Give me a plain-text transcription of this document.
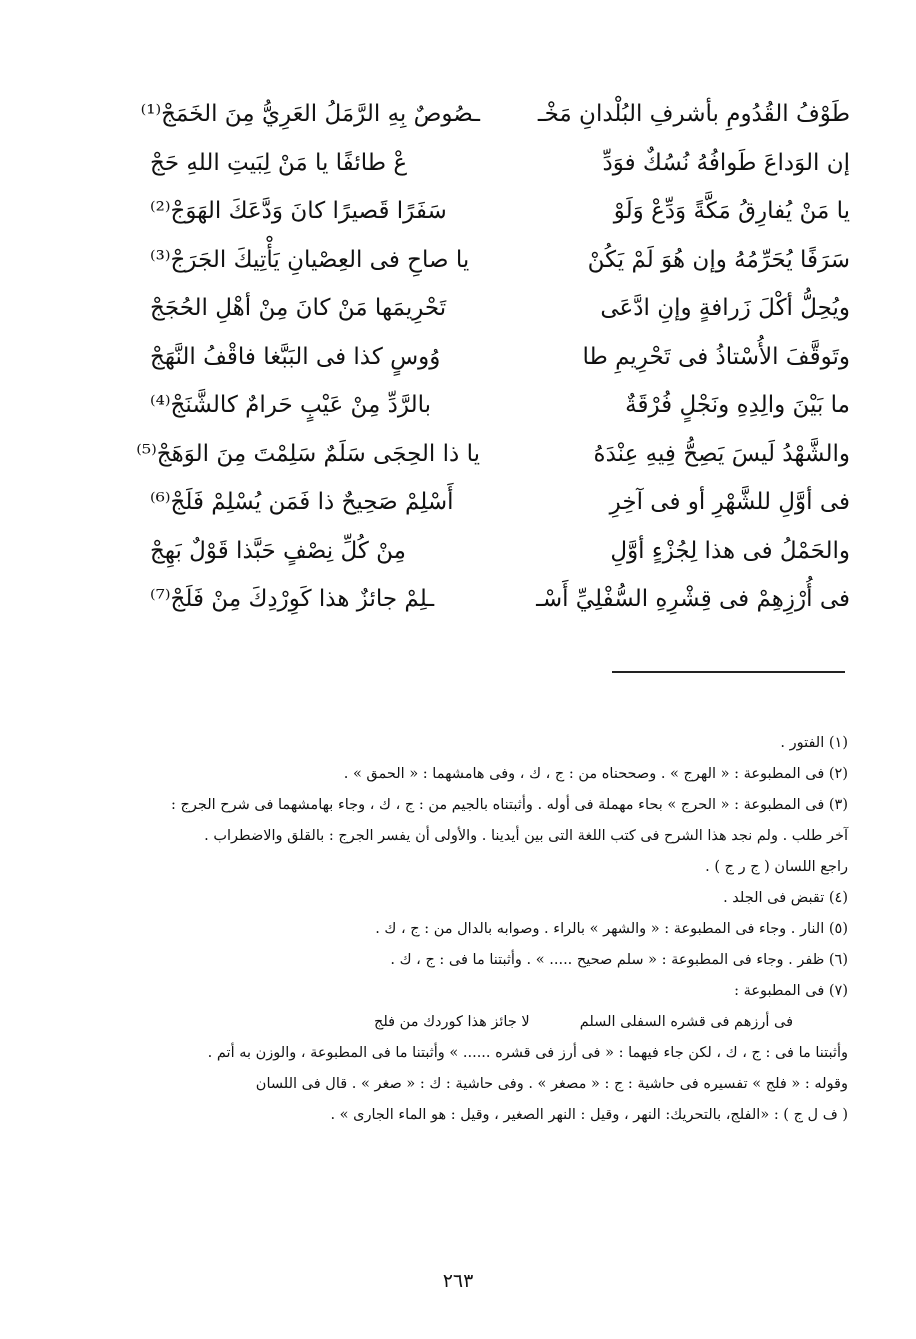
طَوْفُ القُدُومِ بأشرفِ البُلْدانِ مَخْـ
ـصُوصٌ بِهِ الرَّمَلُ العَرِيُّ مِنَ الخَمَجْ⁽¹⁾
إن الوَداعَ طَوافُهُ نُسُكٌ فوَدِّ
عْ طائفًا يا مَنْ لِبَيتِ اللهِ حَجْ
يا مَنْ يُفارِقُ مَكَّةً وَدِّعْ وَلَوْ
سَفَرًا قَصيرًا كانَ وَدَّعَكَ الهَوَجْ⁽²⁾
سَرَفًا يُحَرِّمُهُ وإن هُوَ لَمْ يَكُنْ
يا صاحِ فى العِصْيانِ يَأْتِيكَ الجَرَجْ⁽³⁾
ويُحِلُّ أكْلَ زَرافةٍ وإنِ ادَّعَى
تَحْرِيمَها مَنْ كانَ مِنْ أهْلِ الحُجَجْ
وتَوقَّفَ الأُسْتاذُ فى تَحْرِيمِ طا
وُوسٍ كذا فى البَبَّغا فاقْفُ النَّهَجْ
ما بَيْنَ والِدِهِ ونَجْلٍ فُرْقَةٌ
بالرَّدِّ مِنْ عَيْبٍ حَرامٌ كالشَّنَجْ⁽⁴⁾
والشَّهْدُ لَيسَ يَصِحُّ فِيهِ عِنْدَهُ
يا ذا الحِجَى سَلَمٌ سَلِمْتَ مِنَ الوَهَجْ⁽⁵⁾
فى أوَّلِ للشَّهْرِ أو فى آخِرِ
أَسْلِمْ صَحِيحٌ ذا فَمَن يُسْلِمْ فَلَجْ⁽⁶⁾
والحَمْلُ فى هذا لِجُزْءٍ أوَّلِ
مِنْ كُلِّ نِصْفٍ حَبَّذا قَوْلٌ بَهِجْ
فى أُرْزِهِمْ فى قِشْرِهِ السُّفْلِيِّ أَسْـ
ـلِمْ جائزٌ هذا كَوِرْدِكَ مِنْ فَلَجْ⁽⁷⁾
(١) الفتور .
(٢) فى المطبوعة : « الهرج » . وصححناه من : ج ، ك ، وفى هامشهما : « الحمق » .
(٣) فى المطبوعة : « الحرج » بحاء مهملة فى أوله . وأثبتناه بالجيم من : ج ، ك ، وجاء بهامشهما فى شرح الجرج :
آخر طلب . ولم نجد هذا الشرح فى كتب اللغة التى بين أيدينا . والأولى أن يفسر الجرج : بالقلق والاضطراب .
راجع اللسان ( ج ر ج ) .
(٤) تقبض فى الجلد .
(٥) النار . وجاء فى المطبوعة : « والشهر » بالراء . وصوابه بالدال من : ج ، ك .
(٦) ظفر . وجاء فى المطبوعة : « سلم صحيح ..... » . وأثبتنا ما فى : ج ، ك .
(٧) فى المطبوعة :
فى أرزهم فى قشره السفلى السلملا جائز هذا كوردك من فلج
وأثبتنا ما فى : ج ، ك ، لكن جاء فيهما : « فى أرز فى قشره ...... » وأثبتنا ما فى المطبوعة ، والوزن به أتم .
وقوله : « فلج » تفسيره فى حاشية : ج : « مصغر » . وفى حاشية : ك : « صغر » . قال فى اللسان
( ف ل ج ) : «الفلج، بالتحريك: النهر ، وقيل : النهر الصغير ، وقيل : هو الماء الجارى » .
٢٦٣
